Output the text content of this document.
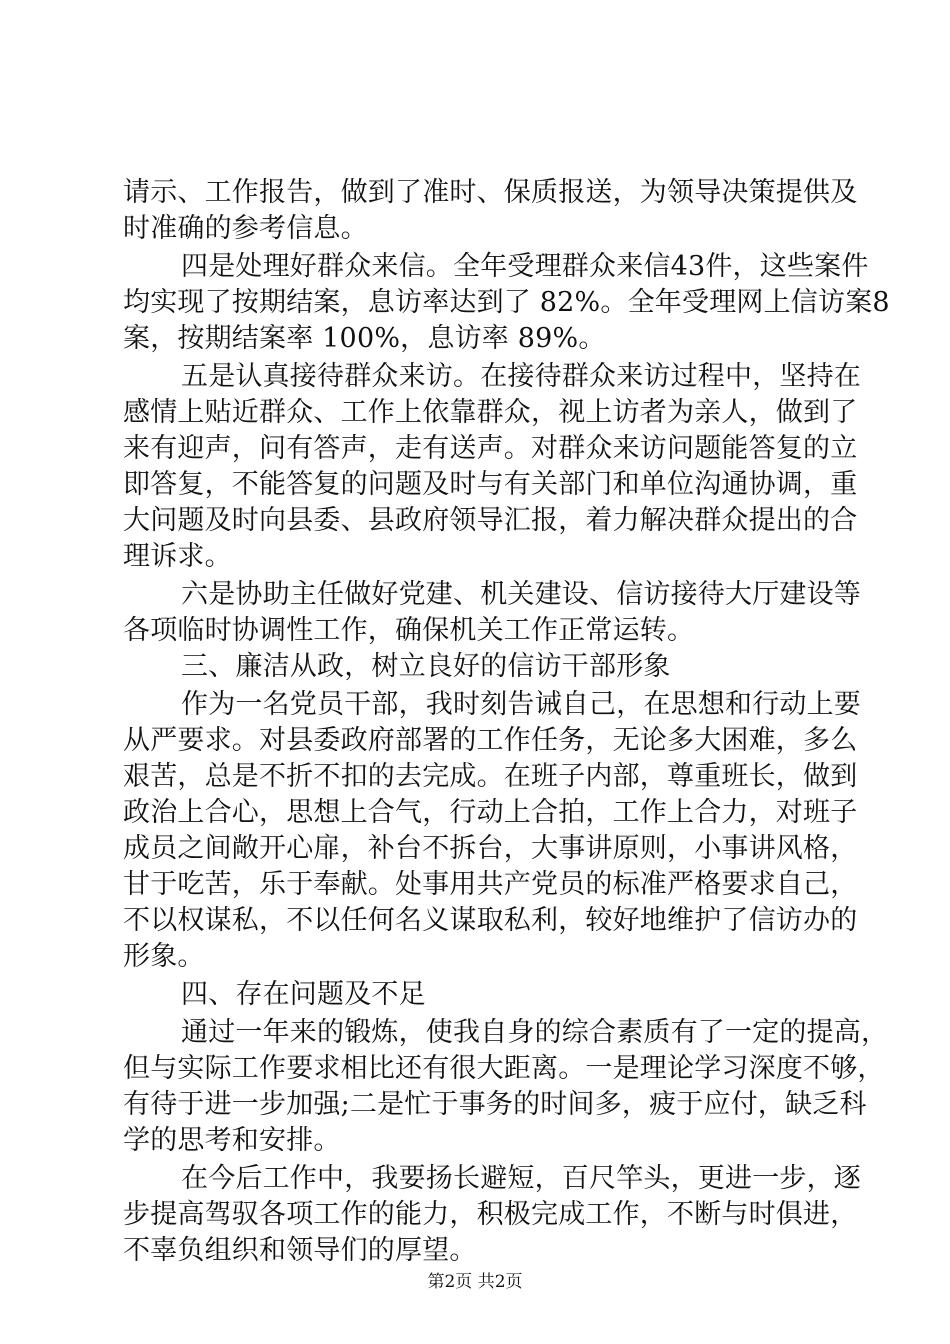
请示、工作报告，做到了准时、保质报送，为领导决策提供及
时准确的参考信息。
四是处理好群众来信。全年受理群众来信43件，这些案件
均实现了按期结案，息访率达到了 82%。全年受理网上信访案8
案，按期结案率 100%，息访率 89%。
五是认真接待群众来访。在接待群众来访过程中，坚持在
感情上贴近群众、工作上依靠群众，视上访者为亲人，做到了
来有迎声，问有答声，走有送声。对群众来访问题能答复的立
即答复，不能答复的问题及时与有关部门和单位沟通协调，重
大问题及时向县委、县政府领导汇报，着力解决群众提出的合
理诉求。
六是协助主任做好党建、机关建设、信访接待大厅建设等
各项临时协调性工作，确保机关工作正常运转。
三、廉洁从政，树立良好的信访干部形象
作为一名党员干部，我时刻告诫自己，在思想和行动上要
从严要求。对县委政府部署的工作任务，无论多大困难，多么
艰苦，总是不折不扣的去完成。在班子内部，尊重班长，做到
政治上合心，思想上合气，行动上合拍，工作上合力，对班子
成员之间敞开心扉，补台不拆台，大事讲原则，小事讲风格，
甘于吃苦，乐于奉献。处事用共产党员的标准严格要求自己，
不以权谋私，不以任何名义谋取私利，较好地维护了信访办的
形象。
四、存在问题及不足
通过一年来的锻炼，使我自身的综合素质有了一定的提高，
但与实际工作要求相比还有很大距离。一是理论学习深度不够，
有待于进一步加强;二是忙于事务的时间多，疲于应付，缺乏科
学的思考和安排。
在今后工作中，我要扬长避短，百尺竿头，更进一步，逐
步提高驾驭各项工作的能力，积极完成工作，不断与时俱进，
不辜负组织和领导们的厚望。
第2页 共2页
